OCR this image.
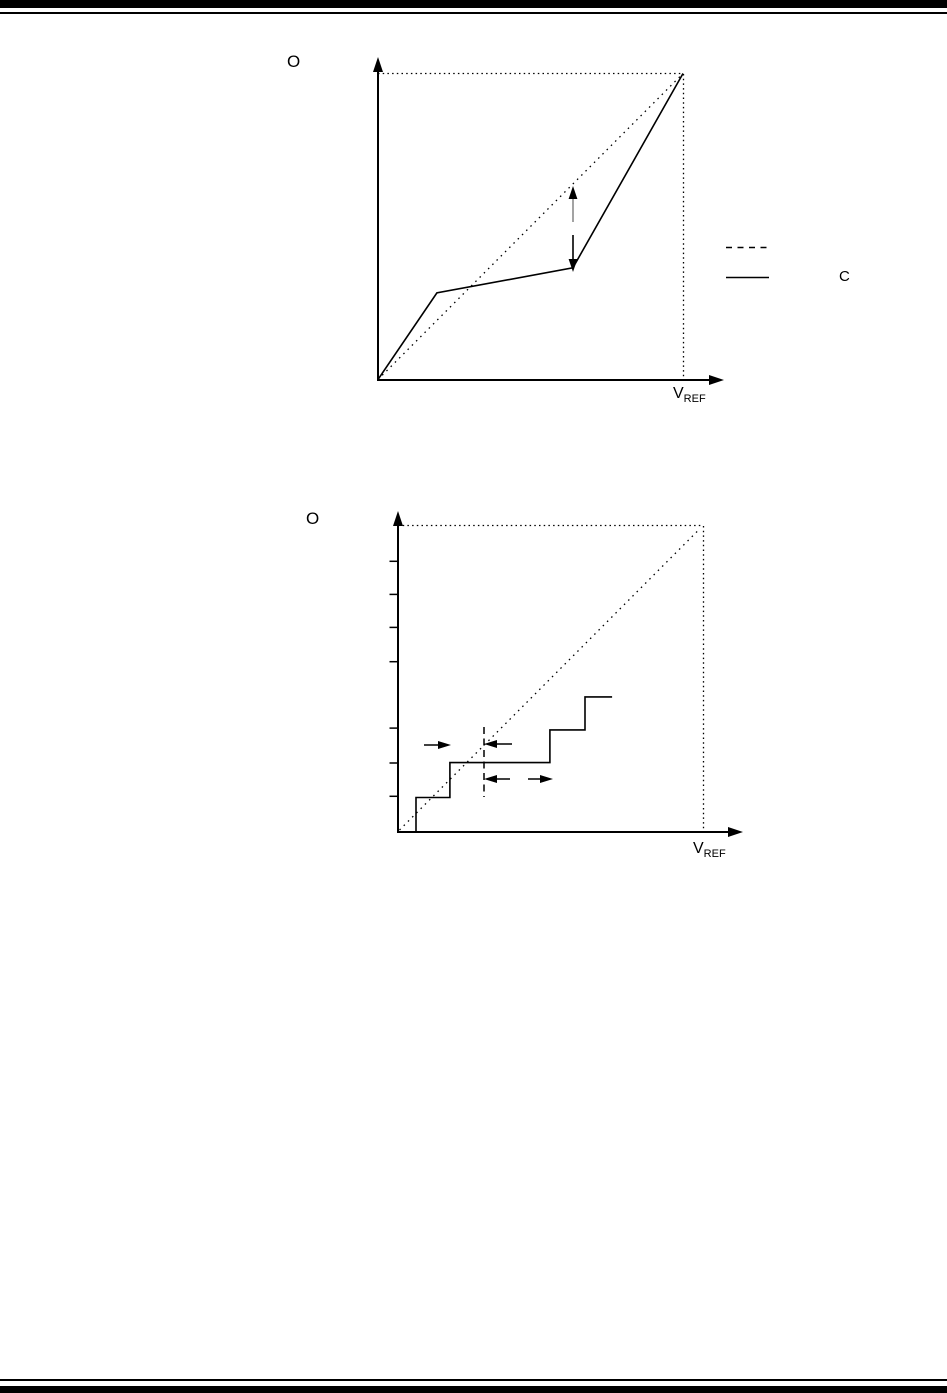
O
$V_{REF}$
C
O
$V_{REF}$
